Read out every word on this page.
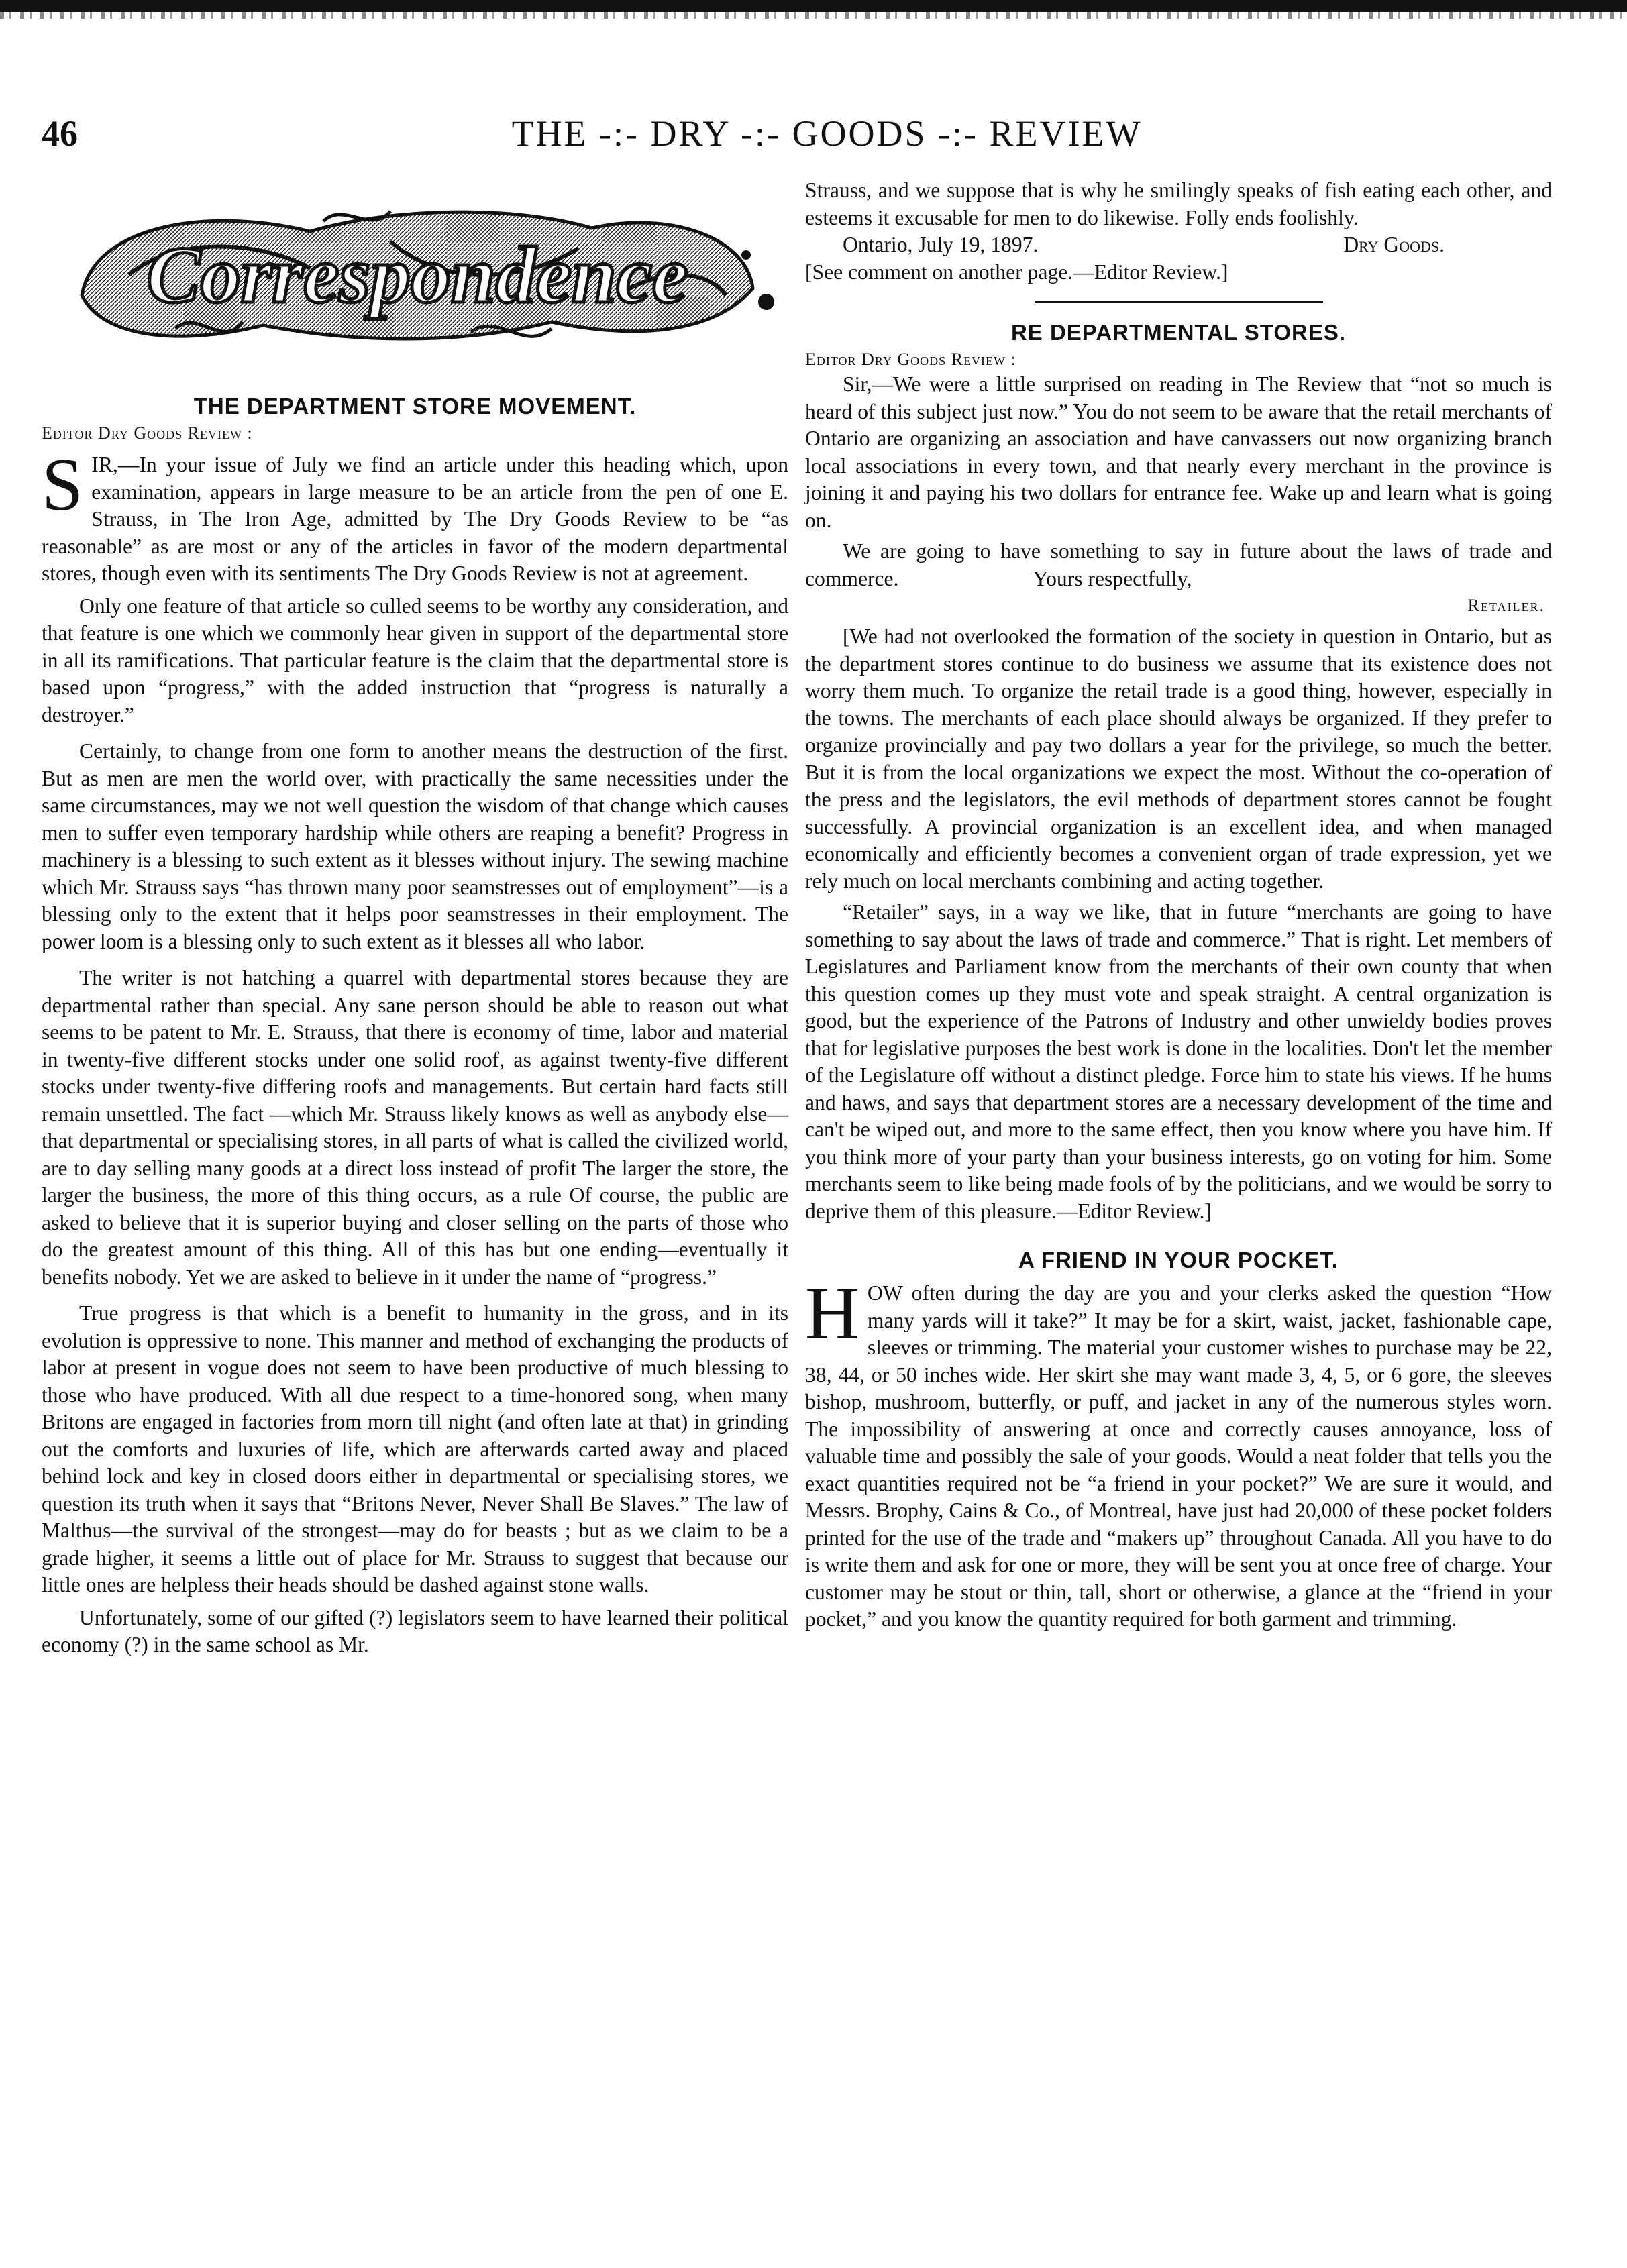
46	THE -:- DRY -:- GOODS -:- REVIEW
Correspondence
THE DEPARTMENT STORE MOVEMENT.
Editor Dry Goods Review :

SIR,—In your issue of July we find an article under this heading which, upon examination, appears in large measure to be an article from the pen of one E. Strauss, in The Iron Age, admitted by The Dry Goods Review to be “as reasonable” as are most or any of the articles in favor of the modern departmental stores, though even with its sentiments The Dry Goods Review is not at agreement.

Only one feature of that article so culled seems to be worthy any consideration, and that feature is one which we commonly hear given in support of the departmental store in all its ramifications. That particular feature is the claim that the departmental store is based upon “progress,” with the added instruction that “progress is naturally a destroyer.”

Certainly, to change from one form to another means the destruction of the first. But as men are men the world over, with practically the same necessities under the same circumstances, may we not well question the wisdom of that change which causes men to suffer even temporary hardship while others are reaping a benefit? Progress in machinery is a blessing to such extent as it blesses without injury. The sewing machine which Mr. Strauss says “has thrown many poor seamstresses out of employment”—is a blessing only to the extent that it helps poor seamstresses in their employment. The power loom is a blessing only to such extent as it blesses all who labor.

The writer is not hatching a quarrel with departmental stores because they are departmental rather than special. Any sane person should be able to reason out what seems to be patent to Mr. E. Strauss, that there is economy of time, labor and material in twenty-five different stocks under one solid roof, as against twenty-five different stocks under twenty-five differing roofs and managements. But certain hard facts still remain unsettled. The fact —which Mr. Strauss likely knows as well as anybody else—that departmental or specialising stores, in all parts of what is called the civilized world, are to day selling many goods at a direct loss instead of profit The larger the store, the larger the business, the more of this thing occurs, as a rule Of course, the public are asked to believe that it is superior buying and closer selling on the parts of those who do the greatest amount of this thing. All of this has but one ending—eventually it benefits nobody. Yet we are asked to believe in it under the name of “progress.”

True progress is that which is a benefit to humanity in the gross, and in its evolution is oppressive to none. This manner and method of exchanging the products of labor at present in vogue does not seem to have been productive of much blessing to those who have produced. With all due respect to a time-honored song, when many Britons are engaged in factories from morn till night (and often late at that) in grinding out the comforts and luxuries of life, which are afterwards carted away and placed behind lock and key in closed doors either in departmental or specialising stores, we question its truth when it says that “Britons Never, Never Shall Be Slaves.” The law of Malthus—the survival of the strongest—may do for beasts ; but as we claim to be a grade higher, it seems a little out of place for Mr. Strauss to suggest that because our little ones are helpless their heads should be dashed against stone walls.

Unfortunately, some of our gifted (?) legislators seem to have learned their political economy (?) in the same school as Mr.

Strauss, and we suppose that is why he smilingly speaks of fish eating each other, and esteems it excusable for men to do likewise. Folly ends foolishly.

Ontario, July 19, 1897.	Dry Goods.

[See comment on another page.—Editor Review.]

RE DEPARTMENTAL STORES.
Editor Dry Goods Review :

Sir,—We were a little surprised on reading in The Review that “not so much is heard of this subject just now.” You do not seem to be aware that the retail merchants of Ontario are organizing an association and have canvassers out now organizing branch local associations in every town, and that nearly every merchant in the province is joining it and paying his two dollars for entrance fee. Wake up and learn what is going on.

We are going to have something to say in future about the laws of trade and commerce.	Yours respectfully,

Retailer.

[We had not overlooked the formation of the society in question in Ontario, but as the department stores continue to do business we assume that its existence does not worry them much. To organize the retail trade is a good thing, however, especially in the towns. The merchants of each place should always be organized. If they prefer to organize provincially and pay two dollars a year for the privilege, so much the better. But it is from the local organizations we expect the most. Without the co-operation of the press and the legislators, the evil methods of department stores cannot be fought successfully. A provincial organization is an excellent idea, and when managed economically and efficiently becomes a convenient organ of trade expression, yet we rely much on local merchants combining and acting together.

“Retailer” says, in a way we like, that in future “merchants are going to have something to say about the laws of trade and commerce.” That is right. Let members of Legislatures and Parliament know from the merchants of their own county that when this question comes up they must vote and speak straight. A central organization is good, but the experience of the Patrons of Industry and other unwieldy bodies proves that for legislative purposes the best work is done in the localities. Don't let the member of the Legislature off without a distinct pledge. Force him to state his views. If he hums and haws, and says that department stores are a necessary development of the time and can't be wiped out, and more to the same effect, then you know where you have him. If you think more of your party than your business interests, go on voting for him. Some merchants seem to like being made fools of by the politicians, and we would be sorry to deprive them of this pleasure.—Editor Review.]

A FRIEND IN YOUR POCKET.

HOW often during the day are you and your clerks asked the question “How many yards will it take?” It may be for a skirt, waist, jacket, fashionable cape, sleeves or trimming. The material your customer wishes to purchase may be 22, 38, 44, or 50 inches wide. Her skirt she may want made 3, 4, 5, or 6 gore, the sleeves bishop, mushroom, butterfly, or puff, and jacket in any of the numerous styles worn. The impossibility of answering at once and correctly causes annoyance, loss of valuable time and possibly the sale of your goods. Would a neat folder that tells you the exact quantities required not be “a friend in your pocket?” We are sure it would, and Messrs. Brophy, Cains & Co., of Montreal, have just had 20,000 of these pocket folders printed for the use of the trade and “makers up” throughout Canada. All you have to do is write them and ask for one or more, they will be sent you at once free of charge. Your customer may be stout or thin, tall, short or otherwise, a glance at the “friend in your pocket,” and you know the quantity required for both garment and trimming.
